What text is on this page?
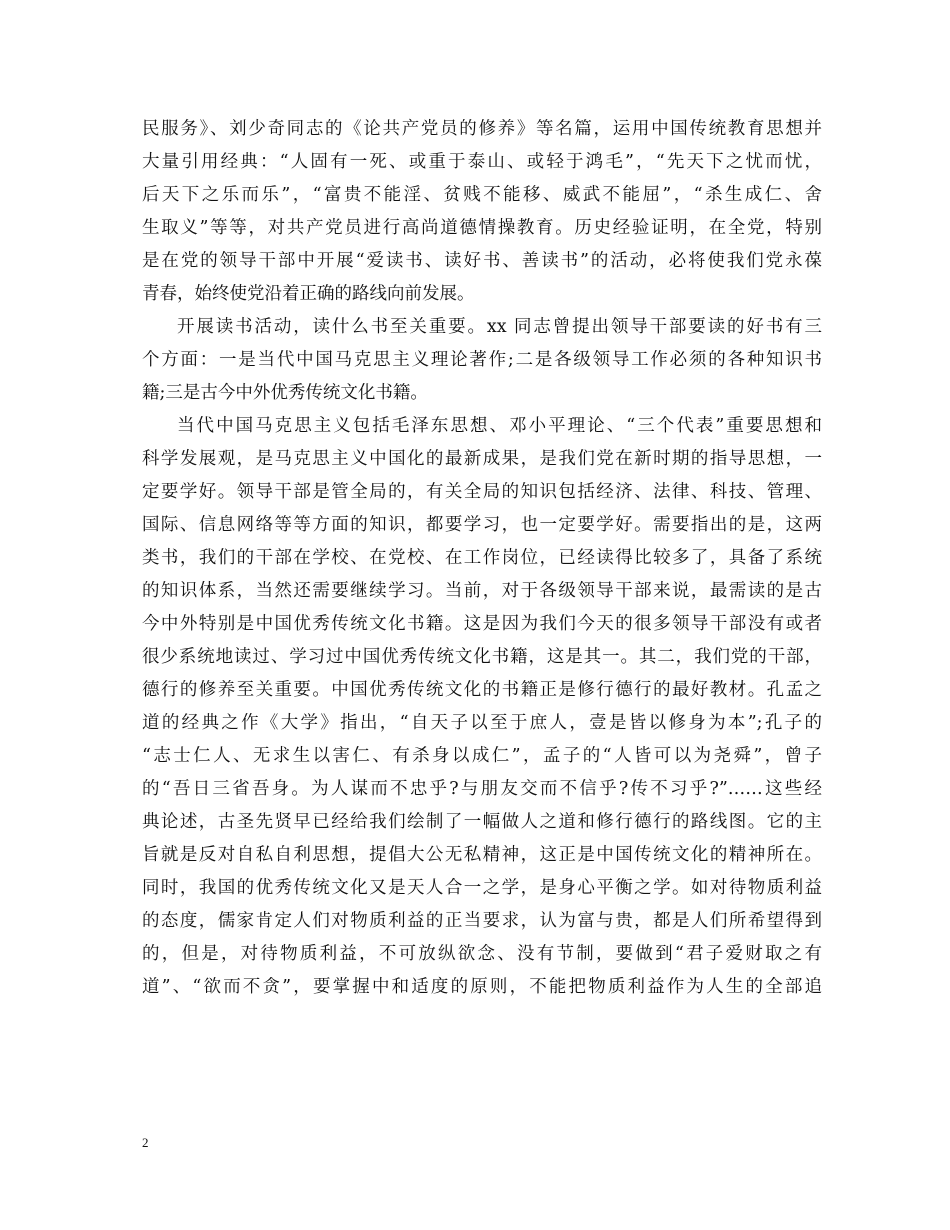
民服务》、刘少奇同志的《论共产党员的修养》等名篇，运用中国传统教育思想并
大量引用经典：“人固有一死、或重于泰山、或轻于鸿毛”，“先天下之忧而忧，
后天下之乐而乐”，“富贵不能淫、贫贱不能移、威武不能屈”，“杀生成仁、舍
生取义”等等，对共产党员进行高尚道德情操教育。历史经验证明，在全党，特别
是在党的领导干部中开展“爱读书、读好书、善读书”的活动，必将使我们党永葆
青春，始终使党沿着正确的路线向前发展。
开展读书活动，读什么书至关重要。xx 同志曾提出领导干部要读的好书有三
个方面：一是当代中国马克思主义理论著作;二是各级领导工作必须的各种知识书
籍;三是古今中外优秀传统文化书籍。
当代中国马克思主义包括毛泽东思想、邓小平理论、“三个代表”重要思想和
科学发展观，是马克思主义中国化的最新成果，是我们党在新时期的指导思想，一
定要学好。领导干部是管全局的，有关全局的知识包括经济、法律、科技、管理、
国际、信息网络等等方面的知识，都要学习，也一定要学好。需要指出的是，这两
类书，我们的干部在学校、在党校、在工作岗位，已经读得比较多了，具备了系统
的知识体系，当然还需要继续学习。当前，对于各级领导干部来说，最需读的是古
今中外特别是中国优秀传统文化书籍。这是因为我们今天的很多领导干部没有或者
很少系统地读过、学习过中国优秀传统文化书籍，这是其一。其二，我们党的干部，
德行的修养至关重要。中国优秀传统文化的书籍正是修行德行的最好教材。孔孟之
道的经典之作《大学》指出，“自天子以至于庶人，壹是皆以修身为本”;孔子的
“志士仁人、无求生以害仁、有杀身以成仁”，孟子的“人皆可以为尧舜”，曾子
的“吾日三省吾身。为人谋而不忠乎?与朋友交而不信乎?传不习乎?”……这些经
典论述，古圣先贤早已经给我们绘制了一幅做人之道和修行德行的路线图。它的主
旨就是反对自私自利思想，提倡大公无私精神，这正是中国传统文化的精神所在。
同时，我国的优秀传统文化又是天人合一之学，是身心平衡之学。如对待物质利益
的态度，儒家肯定人们对物质利益的正当要求，认为富与贵，都是人们所希望得到
的，但是，对待物质利益，不可放纵欲念、没有节制，要做到“君子爱财取之有
道”、“欲而不贪”，要掌握中和适度的原则，不能把物质利益作为人生的全部追
2
